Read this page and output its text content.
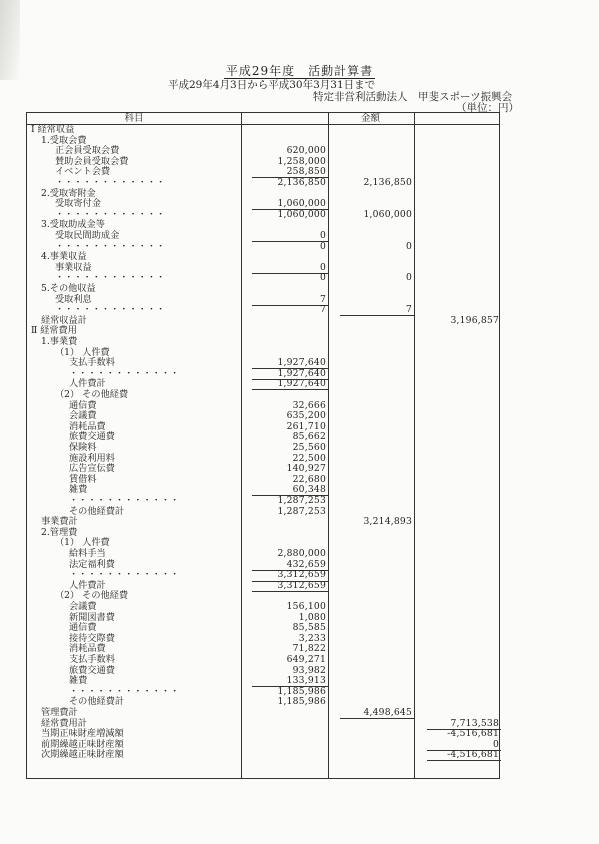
平成29年度　活動計算書
平成29年4月3日から平成30年3月31日まで
特定非営利活動法人　甲斐スポーツ振興会
（単位：円）
科目	金額
Ⅰ 経常収益
1.受取会費
正会員受取会費	620,000
賛助会員受取会費	1,258,000
イベント会費	258,850
・・・・・・・・・・・・	2,136,850	2,136,850
2.受取寄附金
受取寄付金	1,060,000
・・・・・・・・・・・・	1,060,000	1,060,000
3.受取助成金等
受取民間助成金	0
・・・・・・・・・・・・	0	0
4.事業収益
事業収益	0
・・・・・・・・・・・・	0	0
5.その他収益
受取利息	7
・・・・・・・・・・・・	7	7
経常収益計	3,196,857
Ⅱ 経常費用
1.事業費
（1） 人件費
支払手数料	1,927,640
・・・・・・・・・・・・	1,927,640
人件費計	1,927,640
（2） その他経費
通信費	32,666
会議費	635,200
消耗品費	261,710
旅費交通費	85,662
保険料	25,560
施設利用料	22,500
広告宣伝費	140,927
賃借料	22,680
雑費	60,348
・・・・・・・・・・・・	1,287,253
その他経費計	1,287,253
事業費計	3,214,893
2.管理費
（1） 人件費
給料手当	2,880,000
法定福利費	432,659
・・・・・・・・・・・・	3,312,659
人件費計	3,312,659
（2） その他経費
会議費	156,100
新聞図書費	1,080
通信費	85,585
接待交際費	3,233
消耗品費	71,822
支払手数料	649,271
旅費交通費	93,982
雑費	133,913
・・・・・・・・・・・・	1,185,986
その他経費計	1,185,986
管理費計	4,498,645
経常費用計	7,713,538
当期正味財産増減額	-4,516,681
前期繰越正味財産額	0
次期繰越正味財産額	-4,516,681
